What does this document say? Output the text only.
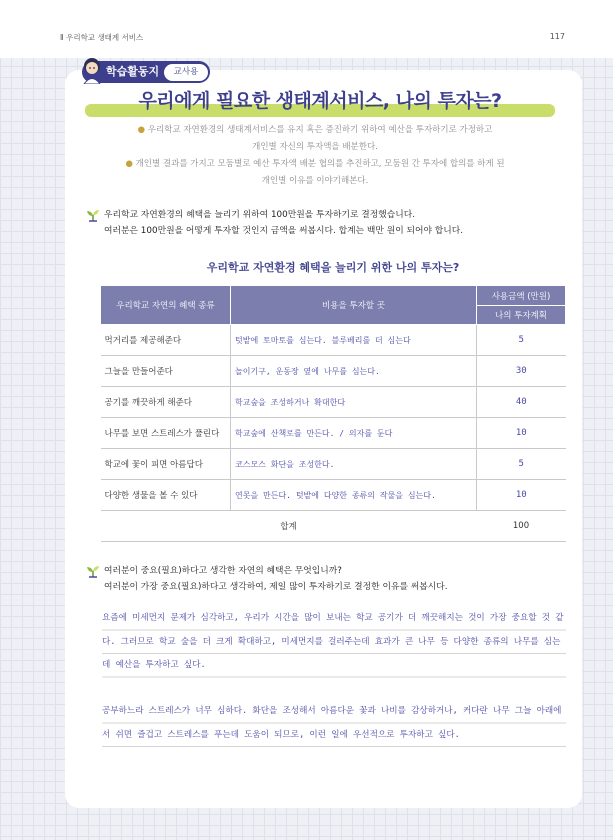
Ⅱ 우리학교 생태계 서비스	117
학습활동지	교사용
우리에게 필요한 생태계서비스, 나의 투자는?
● 우리학교 자연환경의 생태계서비스를 유지 혹은 증진하기 위하여 예산을 투자하기로 가정하고
개인별 자신의 투자액을 배분한다.
● 개인별 결과를 가지고 모둠별로 예산 투자액 배분 협의를 추진하고, 모둠원 간 투자에 합의를 하게 된
개인별 이유를 이야기해본다.
우리학교 자연환경의 혜택을 늘리기 위하여 100만원을 투자하기로 결정했습니다.
여러분은 100만원을 어떻게 투자할 것인지 금액을 써봅시다. 합계는 백만 원이 되어야 합니다.
우리학교 자연환경 혜택을 늘리기 위한 나의 투자는?
우리학교 자연의 혜택 종류	비용을 투자할 곳	사용금액 (만원)
		나의 투자계획
먹거리를 제공해준다	텃밭에 토마토를 심는다. 블루베리를 더 심는다	5
그늘을 만들어준다	놀이기구, 운동장 옆에 나무를 심는다.	30
공기를 깨끗하게 해준다	학교숲을 조성하거나 확대한다	40
나무를 보면 스트레스가 풀린다	학교숲에 산책로를 만든다. / 의자를 둔다	10
학교에 꽃이 피면 아름답다	코스모스 화단을 조성한다.	5
다양한 생물을 볼 수 있다	연못을 만든다. 텃밭에 다양한 종류의 작물을 심는다.	10
합계		100
여러분이 중요(필요)하다고 생각한 자연의 혜택은 무엇입니까?
여러분이 가장 중요(필요)하다고 생각하여, 제일 많이 투자하기로 결정한 이유를 써봅시다.
요즘에 미세먼지 문제가 심각하고, 우리가 시간을 많이 보내는 학교 공기가 더 깨끗해지는 것이 가장 중요할 것 같다. 그러므로 학교 숲을 더 크게 확대하고, 미세먼지를 걸러주는데 효과가 큰 나무 등 다양한 종류의 나무를 심는데 예산을 투자하고 싶다.
공부하느라 스트레스가 너무 심하다. 화단을 조성해서 아름다운 꽃과 나비를 감상하거나, 커다란 나무 그늘 아래에서 쉬면 즐겁고 스트레스를 푸는데 도움이 되므로, 이런 일에 우선적으로 투자하고 싶다.
